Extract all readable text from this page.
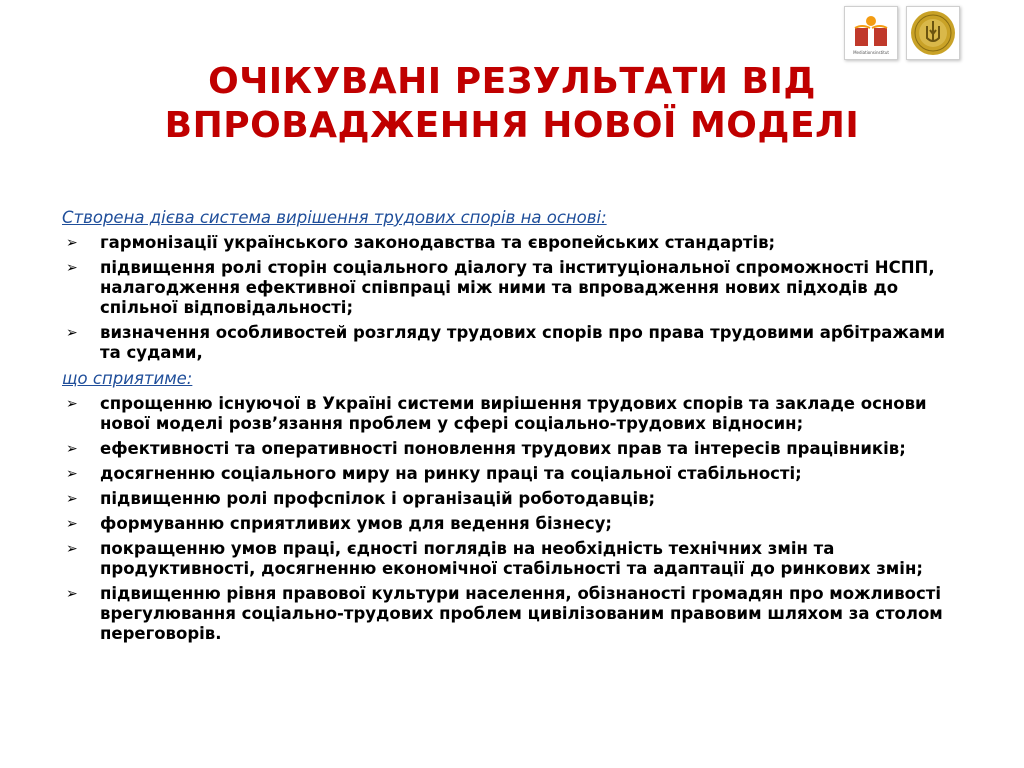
Mediationsinstitut
ОЧІКУВАНІ РЕЗУЛЬТАТИ ВІД
ВПРОВАДЖЕННЯ НОВОЇ МОДЕЛІ
Створена дієва система вирішення трудових спорів на основі:
➢ гармонізації українського законодавства та європейських стандартів;
➢ підвищення ролі сторін соціального діалогу та інституціональної спроможності НСПП, налагодження ефективної співпраці між ними та впровадження нових підходів до спільної відповідальності;
➢ визначення особливостей розгляду трудових спорів про права трудовими арбітражами та судами,
що сприятиме:
➢ спрощенню існуючої в Україні системи вирішення трудових спорів та закладе основи нової моделі розв’язання проблем у сфері соціально-трудових відносин;
➢ ефективності та оперативності поновлення трудових прав та інтересів працівників;
➢ досягненню соціального миру на ринку праці та соціальної стабільності;
➢ підвищенню ролі профспілок і організацій роботодавців;
➢ формуванню сприятливих умов для ведення бізнесу;
➢ покращенню умов праці, єдності поглядів на необхідність технічних змін та продуктивності, досягненню економічної стабільності та адаптації до ринкових змін;
➢ підвищенню рівня правової культури населення, обізнаності громадян про можливості врегулювання соціально-трудових проблем цивілізованим правовим шляхом за столом переговорів.
